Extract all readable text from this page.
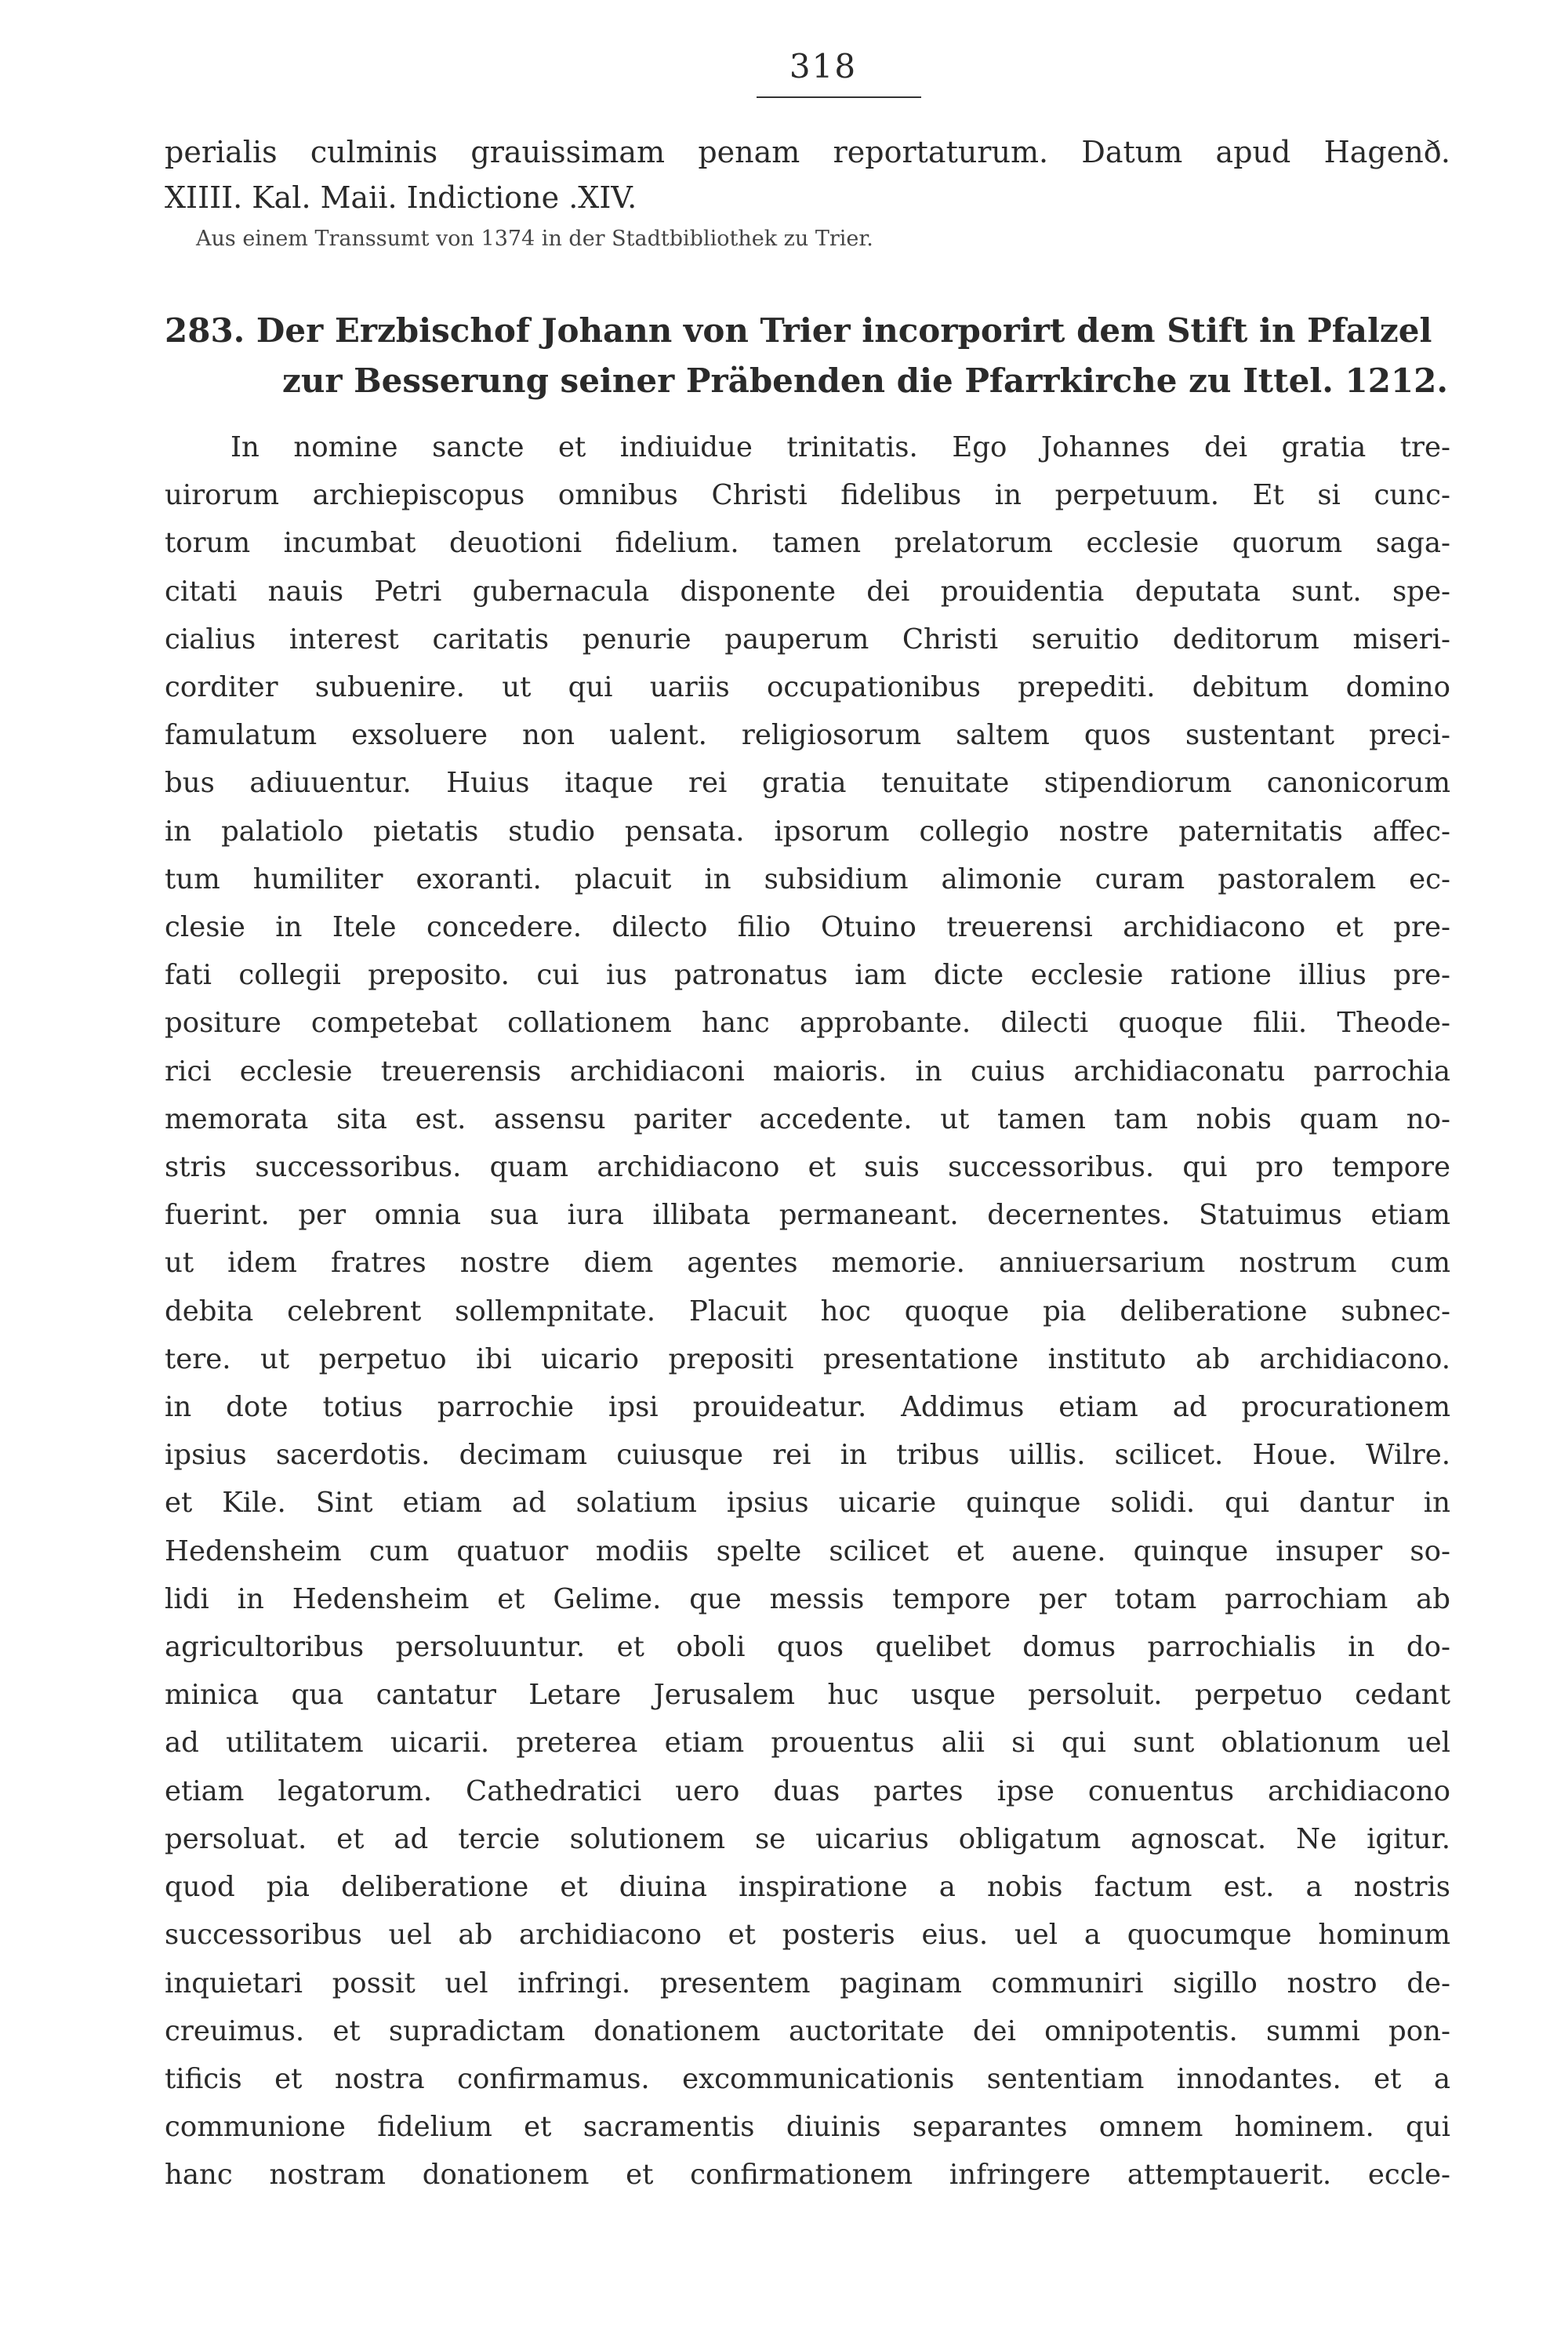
318
perialis culminis grauissimam penam reportaturum. Datum apud Hagenð.
XIIII. Kal. Maii. Indictione .XIV.
Aus einem Transsumt von 1374 in der Stadtbibliothek zu Trier.
283. Der Erzbischof Johann von Trier incorporirt dem Stift in Pfalzel zur Besserung seiner Präbenden die Pfarrkirche zu Ittel. 1212.
In nomine sancte et indiuidue trinitatis. Ego Johannes dei gratia tre-
uirorum archiepiscopus omnibus Christi fidelibus in perpetuum. Et si cunc-
torum incumbat deuotioni fidelium. tamen prelatorum ecclesie quorum saga-
citati nauis Petri gubernacula disponente dei prouidentia deputata sunt. spe-
cialius interest caritatis penurie pauperum Christi seruitio deditorum miseri-
corditer subuenire. ut qui uariis occupationibus prepediti. debitum domino
famulatum exsoluere non ualent. religiosorum saltem quos sustentant preci-
bus adiuuentur. Huius itaque rei gratia tenuitate stipendiorum canonicorum
in palatiolo pietatis studio pensata. ipsorum collegio nostre paternitatis affec-
tum humiliter exoranti. placuit in subsidium alimonie curam pastoralem ec-
clesie in Itele concedere. dilecto filio Otuino treuerensi archidiacono et pre-
fati collegii preposito. cui ius patronatus iam dicte ecclesie ratione illius pre-
positure competebat collationem hanc approbante. dilecti quoque filii. Theode-
rici ecclesie treuerensis archidiaconi maioris. in cuius archidiaconatu parrochia
memorata sita est. assensu pariter accedente. ut tamen tam nobis quam no-
stris successoribus. quam archidiacono et suis successoribus. qui pro tempore
fuerint. per omnia sua iura illibata permaneant. decernentes. Statuimus etiam
ut idem fratres nostre diem agentes memorie. anniuersarium nostrum cum
debita celebrent sollempnitate. Placuit hoc quoque pia deliberatione subnec-
tere. ut perpetuo ibi uicario prepositi presentatione instituto ab archidiacono.
in dote totius parrochie ipsi prouideatur. Addimus etiam ad procurationem
ipsius sacerdotis. decimam cuiusque rei in tribus uillis. scilicet. Houe. Wilre.
et Kile. Sint etiam ad solatium ipsius uicarie quinque solidi. qui dantur in
Hedensheim cum quatuor modiis spelte scilicet et auene. quinque insuper so-
lidi in Hedensheim et Gelime. que messis tempore per totam parrochiam ab
agricultoribus persoluuntur. et oboli quos quelibet domus parrochialis in do-
minica qua cantatur Letare Jerusalem huc usque persoluit. perpetuo cedant
ad utilitatem uicarii. preterea etiam prouentus alii si qui sunt oblationum uel
etiam legatorum. Cathedratici uero duas partes ipse conuentus archidiacono
persoluat. et ad tercie solutionem se uicarius obligatum agnoscat. Ne igitur.
quod pia deliberatione et diuina inspiratione a nobis factum est. a nostris
successoribus uel ab archidiacono et posteris eius. uel a quocumque hominum
inquietari possit uel infringi. presentem paginam communiri sigillo nostro de-
creuimus. et supradictam donationem auctoritate dei omnipotentis. summi pon-
tificis et nostra confirmamus. excommunicationis sententiam innodantes. et a
communione fidelium et sacramentis diuinis separantes omnem hominem. qui
hanc nostram donationem et confirmationem infringere attemptauerit. eccle-
